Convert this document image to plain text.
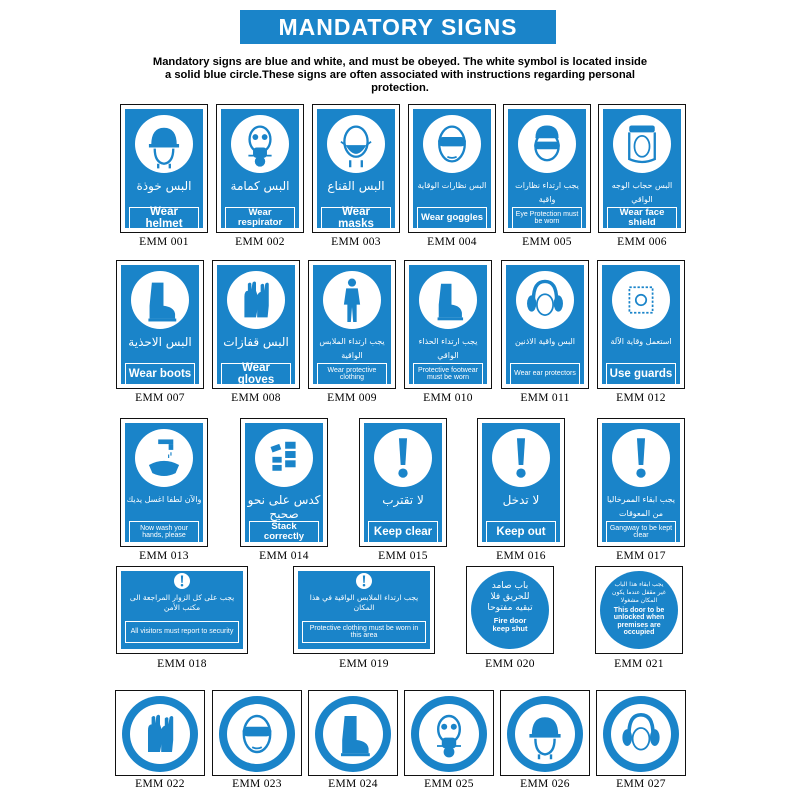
MANDATORY SIGNS
Mandatory signs are blue and white, and must be obeyed. The white symbol is located inside a solid blue circle.These signs are often associated with instructions regarding personal protection.
البس خوذة
Wear helmet
EMM 001
البس كمامة
Wear respirator
EMM 002
البس القناع
Wear masks
EMM 003
البس نظارات الوقاية
Wear goggles
EMM 004
يجب ارتداء نظارات واقية
Eye Protection must be worn
EMM 005
البس حجاب الوجه الواقي
Wear face shield
EMM 006
البس الاحذية
Wear boots
EMM 007
البس قفازات
Wear gloves
EMM 008
يجب ارتداء الملابس الواقية
Wear protective clothing
EMM 009
يجب ارتداء الحذاء الواقي
Protective footwear must be worn
EMM 010
البس واقية الاذنين
Wear ear protectors
EMM 011
استعمل وقاية الآلة
Use guards
EMM 012
والآن لطفا اغسل يديك
Now wash your hands, please
EMM 013
كدس على نحو صحيح
Stack correctly
EMM 014
لا تقترب
Keep clear
EMM 015
لا تدخل
Keep out
EMM 016
يجب ابقاء الممرخاليا من المعوقات
Gangway to be kept clear
EMM 017
يجب على كل الزوار المراجعة الى مكتب الأمن
All visitors must report to security
EMM 018
يجب ارتداء الملابس الواقية في هذا المكان
Protective clothing must be worn in this area
EMM 019
باب صامد للحريق فلا تبقيه مفتوحا
Fire door keep shut
EMM 020
يجب ابقاء هذا الباب غير مقفل عندما يكون المكان مشغولا
This door to be unlocked when premises are occupied
EMM 021
EMM 022	EMM 023	EMM 024	EMM 025	EMM 026	EMM 027
